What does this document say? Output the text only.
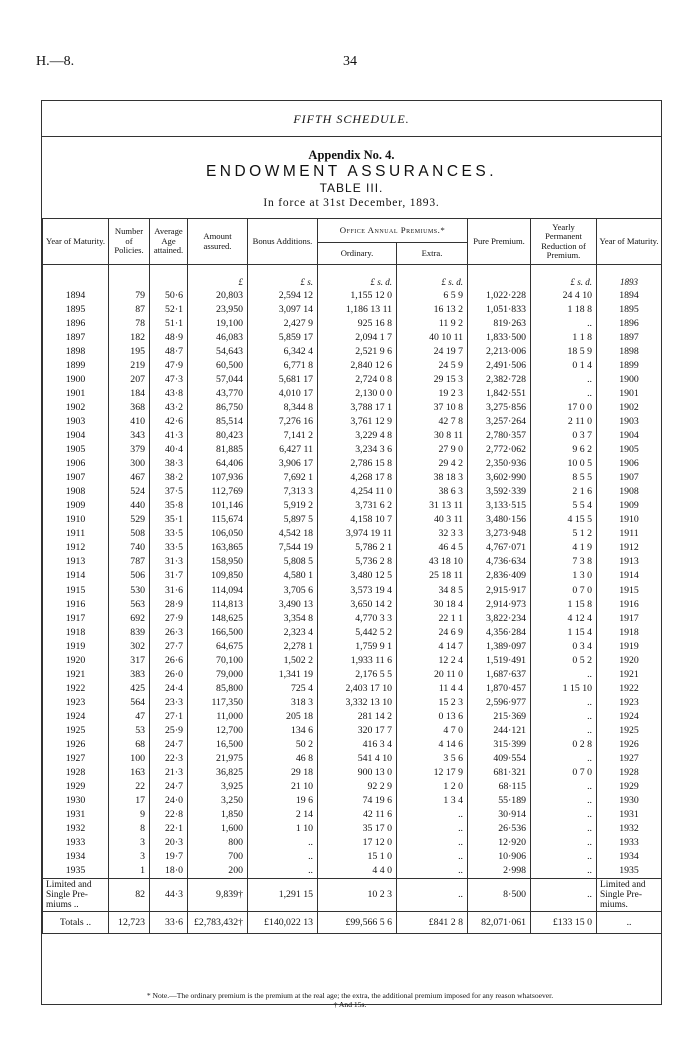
H.—8.	34
FIFTH SCHEDULE.
Appendix No. 4.
ENDOWMENT ASSURANCES.
TABLE III.
In force at 31st December, 1893.
Year of Maturity.	Number of Policies.	Average Age attained.	Amount assured.	Bonus Additions.	Office Annual Premiums.*		Pure Premium.	Yearly Permanent Reduction of Premium.	Year of Maturity.
					Ordinary.	Extra.			
			£	£ s.	£ s. d.	£ s. d.		£ s. d.	1893
1894	79	50·6	20,803	2,594 12	1,155 12 0	6 5 9	1,022·228	24 4 10	1894
1895	87	52·1	23,950	3,097 14	1,186 13 11	16 13 2	1,051·833	1 18 8	1895
1896	78	51·1	19,100	2,427 9	925 16 8	11 9 2	819·263	..	1896
1897	182	48·9	46,083	5,859 17	2,094 1 7	40 10 11	1,833·500	1 1 8	1897
1898	195	48·7	54,643	6,342 4	2,521 9 6	24 19 7	2,213·006	18 5 9	1898
1899	219	47·9	60,500	6,771 8	2,840 12 6	24 5 9	2,491·506	0 1 4	1899
1900	207	47·3	57,044	5,681 17	2,724 0 8	29 15 3	2,382·728	..	1900
1901	184	43·8	43,770	4,010 17	2,130 0 0	19 2 3	1,842·551	..	1901
1902	368	43·2	86,750	8,344 8	3,788 17 1	37 10 8	3,275·856	17 0 0	1902
1903	410	42·6	85,514	7,276 16	3,761 12 9	42 7 8	3,257·264	2 11 0	1903
1904	343	41·3	80,423	7,141 2	3,229 4 8	30 8 11	2,780·357	0 3 7	1904
1905	379	40·4	81,885	6,427 11	3,234 3 6	27 9 0	2,772·062	9 6 2	1905
1906	300	38·3	64,406	3,906 17	2,786 15 8	29 4 2	2,350·936	10 0 5	1906
1907	467	38·2	107,936	7,692 1	4,268 17 8	38 18 3	3,602·990	8 5 5	1907
1908	524	37·5	112,769	7,313 3	4,254 11 0	38 6 3	3,592·339	2 1 6	1908
1909	440	35·8	101,146	5,919 2	3,731 6 2	31 13 11	3,133·515	5 5 4	1909
1910	529	35·1	115,674	5,897 5	4,158 10 7	40 3 11	3,480·156	4 15 5	1910
1911	508	33·5	106,050	4,542 18	3,974 19 11	32 3 3	3,273·948	5 1 2	1911
1912	740	33·5	163,865	7,544 19	5,786 2 1	46 4 5	4,767·071	4 1 9	1912
1913	787	31·3	158,950	5,808 5	5,736 2 8	43 18 10	4,736·634	7 3 8	1913
1914	506	31·7	109,850	4,580 1	3,480 12 5	25 18 11	2,836·409	1 3 0	1914
1915	530	31·6	114,094	3,705 6	3,573 19 4	34 8 5	2,915·917	0 7 0	1915
1916	563	28·9	114,813	3,490 13	3,650 14 2	30 18 4	2,914·973	1 15 8	1916
1917	692	27·9	148,625	3,354 8	4,770 3 3	22 1 1	3,822·234	4 12 4	1917
1918	839	26·3	166,500	2,323 4	5,442 5 2	24 6 9	4,356·284	1 15 4	1918
1919	302	27·7	64,675	2,278 1	1,759 9 1	4 14 7	1,389·097	0 3 4	1919
1920	317	26·6	70,100	1,502 2	1,933 11 6	12 2 4	1,519·491	0 5 2	1920
1921	383	26·0	79,000	1,341 19	2,176 5 5	20 11 0	1,687·637	..	1921
1922	425	24·4	85,800	725 4	2,403 17 10	11 4 4	1,870·457	1 15 10	1922
1923	564	23·3	117,350	318 3	3,332 13 10	15 2 3	2,596·977	..	1923
1924	47	27·1	11,000	205 18	281 14 2	0 13 6	215·369	..	1924
1925	53	25·9	12,700	134 6	320 17 7	4 7 0	244·121	..	1925
1926	68	24·7	16,500	50 2	416 3 4	4 14 6	315·399	0 2 8	1926
1927	100	22·3	21,975	46 8	541 4 10	3 5 6	409·554	..	1927
1928	163	21·3	36,825	29 18	900 13 0	12 17 9	681·321	0 7 0	1928
1929	22	24·7	3,925	21 10	92 2 9	1 2 0	68·115	..	1929
1930	17	24·0	3,250	19 6	74 19 6	1 3 4	55·189	..	1930
1931	9	22·8	1,850	2 14	42 11 6	..	30·914	..	1931
1932	8	22·1	1,600	1 10	35 17 0	..	26·536	..	1932
1933	3	20·3	800	..	17 12 0	..	12·920	..	1933
1934	3	19·7	700	..	15 1 0	..	10·906	..	1934
1935	1	18·0	200	..	4 4 0	..	2·998	..	1935
Limited and Single Pre-miums ..	82	44·3	9,839†	1,291 15	10 2 3	..	8·500	..	Limited and Single Pre-miums.
Totals ..	12,723	33·6	£2,783,432†	£140,022 13	£99,566 5 6	£841 2 8	82,071·061	£133 15 0	..
* Note.—The ordinary premium is the premium at the real age; the extra, the additional premium imposed for any reason whatsoever.
† And 15s.
